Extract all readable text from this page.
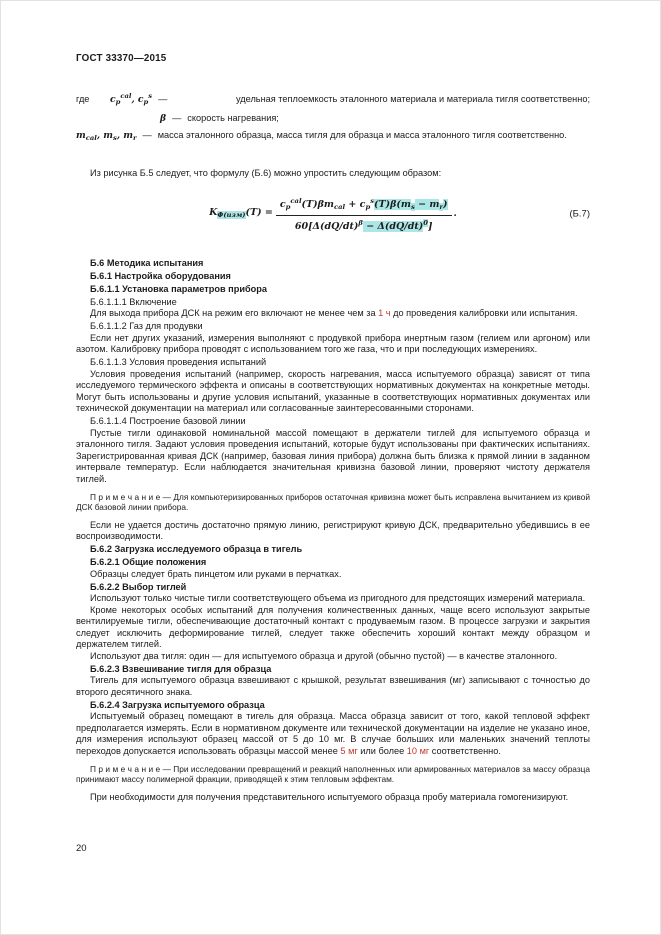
ГОСТ 33370—2015
где	$c_p^{cal}$, $c_p^s$ —	удельная теплоемкость эталонного материала и материала тигля соответственно;
β — скорость нагревания;
$m_{cal}$, $m_s$, $m_r$ — масса эталонного образца, масса тигля для образца и масса эталонного тигля соответственно.

Из рисунка Б.5 следует, что формулу (Б.6) можно упростить следующим образом:

$K_{\Phi(изм)}(T) = \frac{c_p^{cal}(T)\beta m_{cal} + c_p^s(T)\beta(m_s - m_r)}{60[\Delta(dQ/dt)^\beta - \Delta(dQ/dt)^0]}$ .	(Б.7)
Б.6 Методика испытания
Б.6.1 Настройка оборудования
Б.6.1.1 Установка параметров прибора
Б.6.1.1.1 Включение
Для выхода прибора ДСК на режим его включают не менее чем за 1 ч до проведения калибровки или испытания.
Б.6.1.1.2 Газ для продувки
Если нет других указаний, измерения выполняют с продувкой прибора инертным газом (гелием или аргоном) или азотом. Калибровку прибора проводят с использованием того же газа, что и при последующих измерениях.
Б.6.1.1.3 Условия проведения испытаний
Условия проведения испытаний (например, скорость нагревания, масса испытуемого образца) зависят от типа исследуемого термического эффекта и описаны в соответствующих нормативных документах на конкретные методы. Могут быть использованы и другие условия испытаний, указанные в соответствующих нормативных документах или технической документации на материал или согласованные заинтересованными сторонами.
Б.6.1.1.4 Построение базовой линии
Пустые тигли одинаковой номинальной массой помещают в держатели тиглей для испытуемого образца и эталонного тигля. Задают условия проведения испытаний, которые будут использованы при фактических испытаниях. Зарегистрированная кривая ДСК (например, базовая линия прибора) должна быть близка к прямой линии в заданном интервале температур. Если наблюдается значительная кривизна базовой линии, проверяют чистоту держателя тиглей.
П р и м е ч а н и е — Для компьютеризированных приборов остаточная кривизна может быть исправлена вычитанием из кривой ДСК базовой линии прибора.
Если не удается достичь достаточно прямую линию, регистрируют кривую ДСК, предварительно убедившись в ее воспроизводимости.
Б.6.2 Загрузка исследуемого образца в тигель
Б.6.2.1 Общие положения
Образцы следует брать пинцетом или руками в перчатках.
Б.6.2.2 Выбор тиглей
Используют только чистые тигли соответствующего объема из пригодного для предстоящих измерений материала.
Кроме некоторых особых испытаний для получения количественных данных, чаще всего используют закрытые вентилируемые тигли, обеспечивающие достаточный контакт с продуваемым газом. В процессе загрузки и закрытия следует исключить деформирование тиглей, следует также обеспечить хороший контакт между образцом и держателем тиглей.
Используют два тигля: один — для испытуемого образца и другой (обычно пустой) — в качестве эталонного.
Б.6.2.3 Взвешивание тигля для образца
Тигель для испытуемого образца взвешивают с крышкой, результат взвешивания (мг) записывают с точностью до второго десятичного знака.
Б.6.2.4 Загрузка испытуемого образца
Испытуемый образец помещают в тигель для образца. Масса образца зависит от того, какой тепловой эффект предполагается измерять. Если в нормативном документе или технической документации на изделие не указано иное, для измерения используют образец массой от 5 до 10 мг. В случае больших или маленьких значений теплоты переходов допускается использовать образцы массой менее 5 мг или более 10 мг соответственно.
П р и м е ч а н и е — При исследовании превращений и реакций наполненных или армированных материалов за массу образца принимают массу полимерной фракции, приводящей к этим тепловым эффектам.
При необходимости для получения представительного испытуемого образца пробу материала гомогенизируют.
20
